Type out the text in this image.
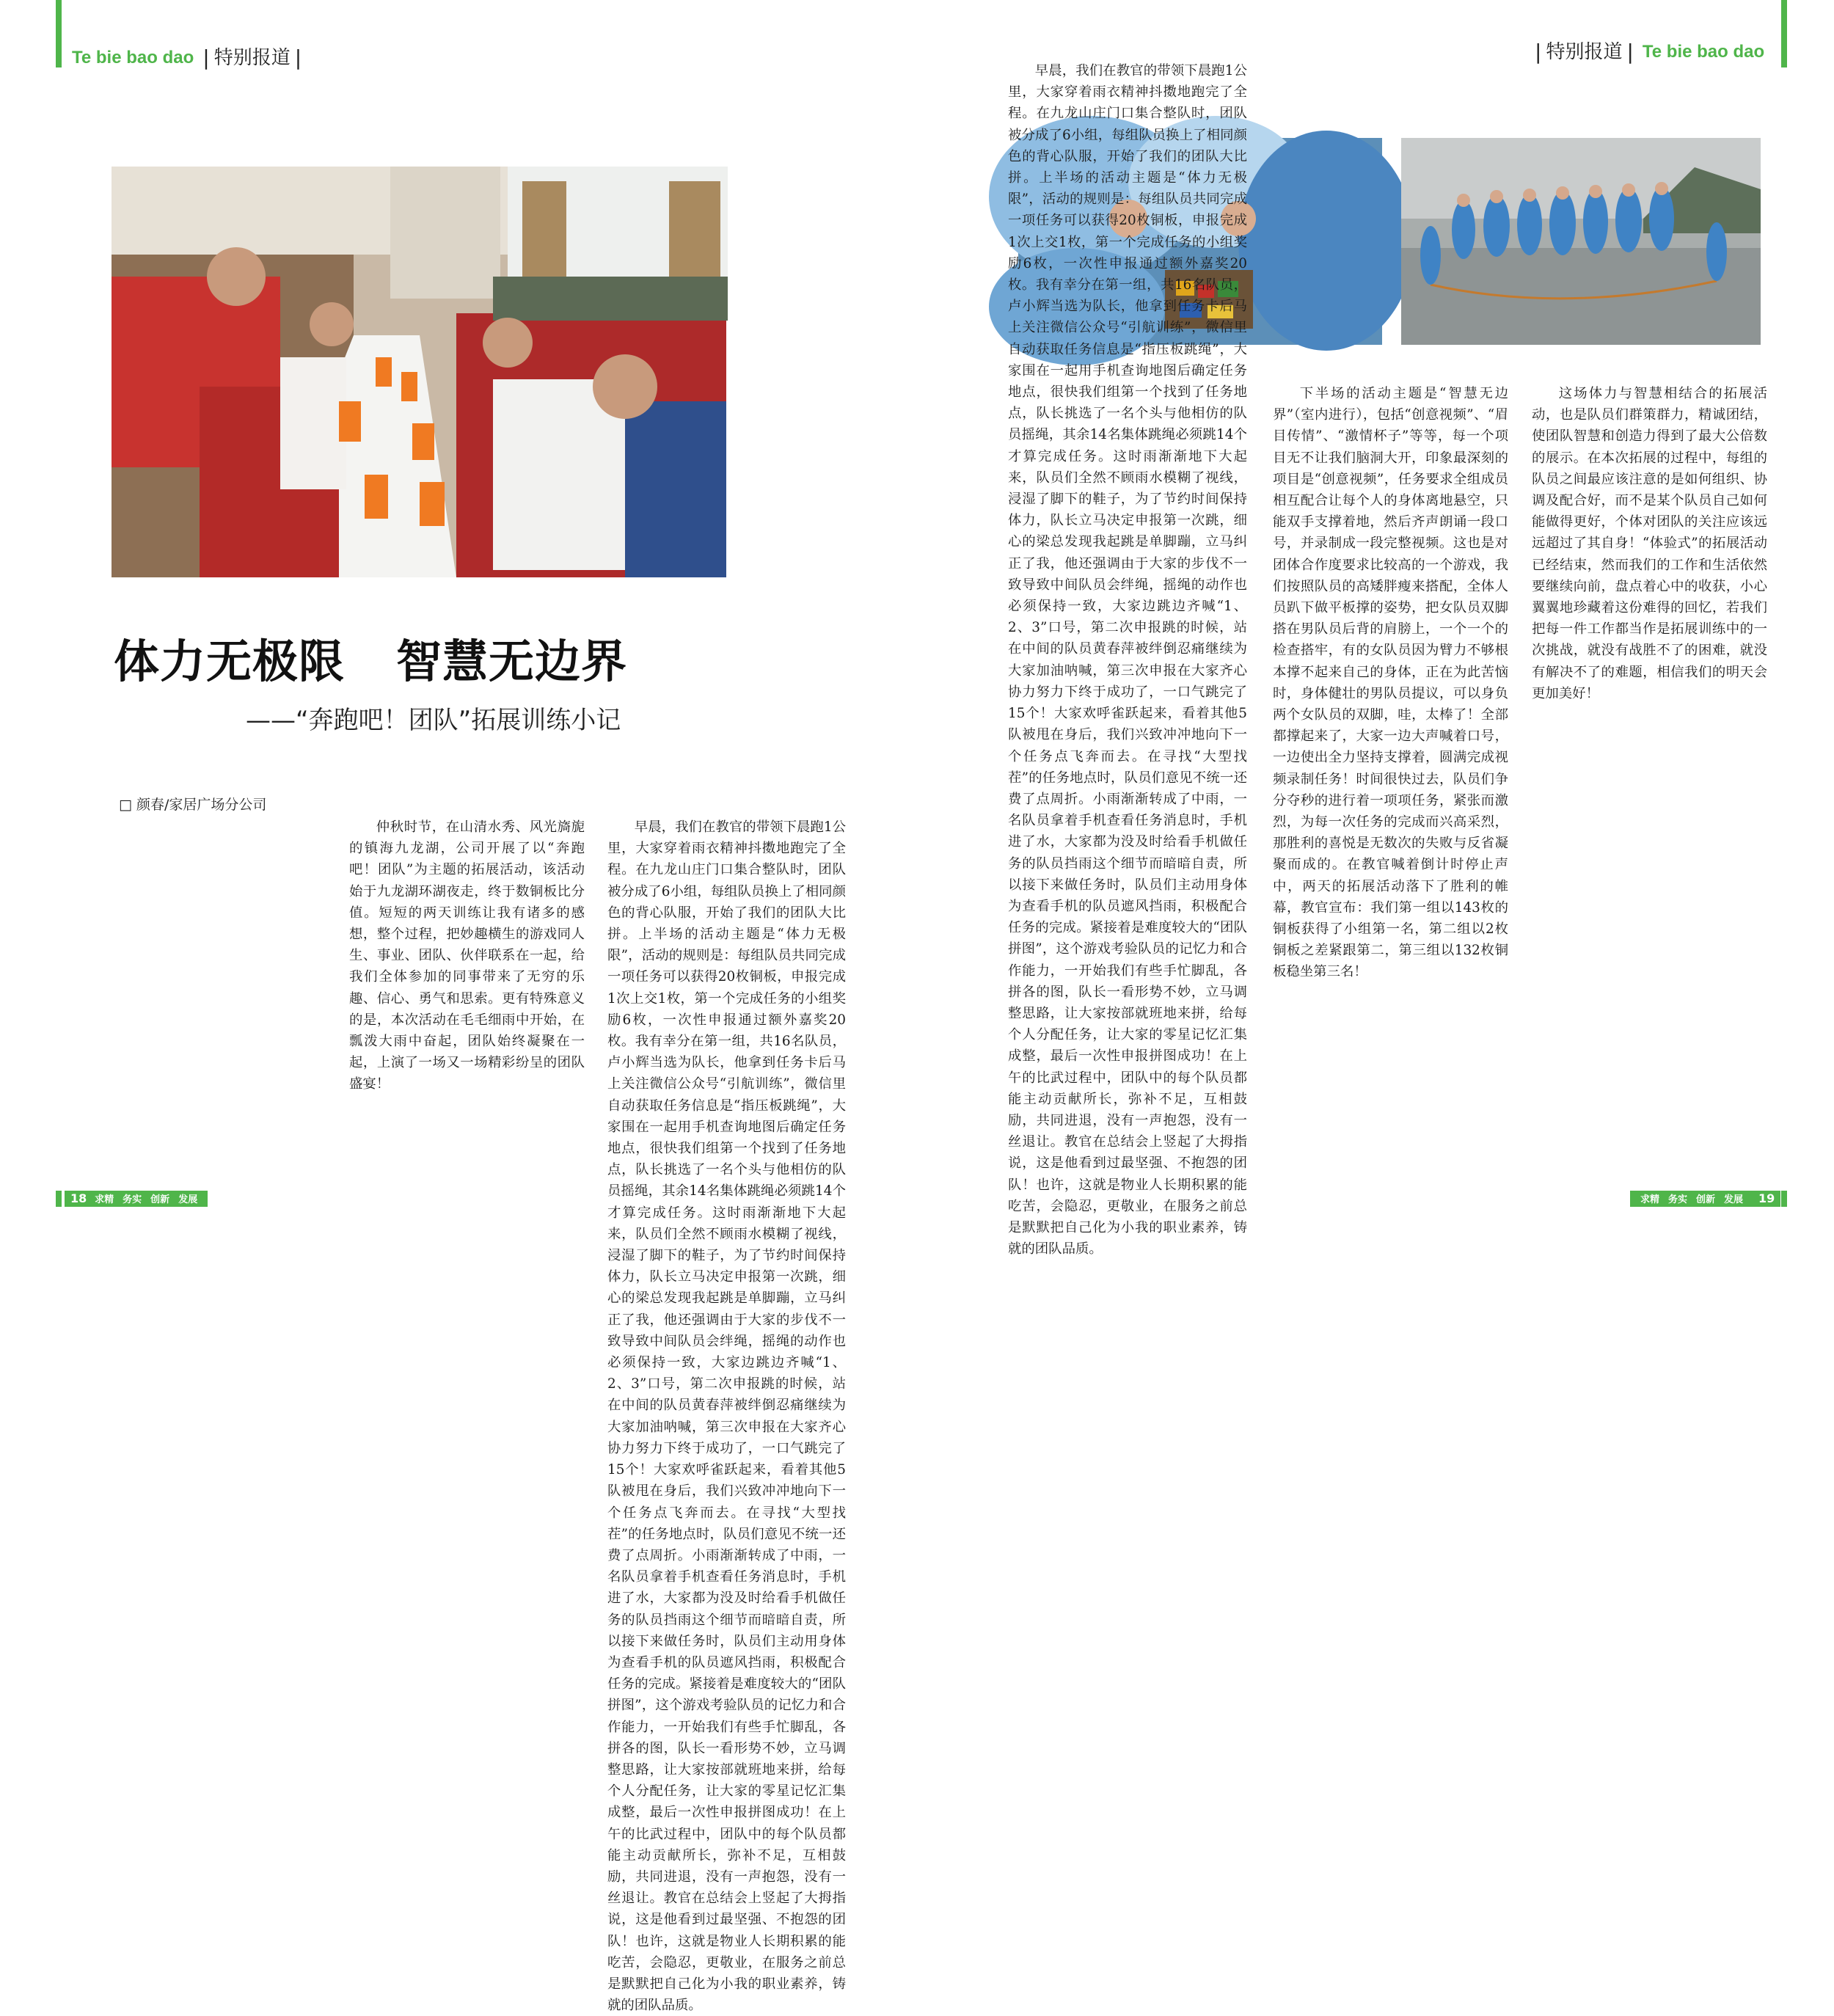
Te bie bao dao | 特别报道 |	| 特别报道 | Te bie bao dao
体力无极限 智慧无边界
——“奔跑吧！团队”拓展训练小记
□ 颜春/家居广场分公司

仲秋时节，在山清水秀、风光旖旎的镇海九龙湖，公司开展了以“奔跑吧！团队”为主题的拓展活动，该活动始于九龙湖环湖夜走，终于数铜板比分值。短短的两天训练让我有诸多的感想，整个过程，把妙趣横生的游戏同人生、事业、团队、伙伴联系在一起，给我们全体参加的同事带来了无穷的乐趣、信心、勇气和思索。更有特殊意义的是，本次活动在毛毛细雨中开始，在瓢泼大雨中奋起，团队始终凝聚在一起，上演了一场又一场精彩纷呈的团队盛宴！

早晨，我们在教官的带领下晨跑1公里，大家穿着雨衣精神抖擞地跑完了全程。在九龙山庄门口集合整队时，团队被分成了6小组，每组队员换上了相同颜色的背心队服，开始了我们的团队大比拼。上半场的活动主题是“体力无极限”，活动的规则是：每组队员共同完成一项任务可以获得20枚铜板，申报完成1次上交1枚，第一个完成任务的小组奖励6枚，一次性申报通过额外嘉奖20枚。我有幸分在第一组，共16名队员，卢小辉当选为队长，他拿到任务卡后马上关注微信公众号“引航训练”，微信里自动获取任务信息是“指压板跳绳”，大家围在一起用手机查询地图后确定任务地点，很快我们组第一个找到了任务地点，队长挑选了一名个头与他相仿的队员摇绳，其余14名集体跳绳必须跳14个才算完成任务。这时雨渐渐地下大起来，队员们全然不顾雨水模糊了视线，浸湿了脚下的鞋子，为了节约时间保持体力，队长立马决定申报第一次跳，细心的梁总发现我起跳是单脚蹦，立马纠正了我，他还强调由于大家的步伐不一致导致中间队员会绊绳，摇绳的动作也必须保持一致，大家边跳边齐喊“1、2、3”口号，第二次申报跳的时候，站在中间的队员黄春萍被绊倒忍痛继续为大家加油呐喊，第三次申报在大家齐心协力努力下终于成功了，一口气跳完了15个！大家欢呼雀跃起来，看着其他5队被甩在身后，我们兴致冲冲地向下一个任务点飞奔而去。在寻找“大型找茬”的任务地点时，队员们意见不统一还费了点周折。小雨渐渐转成了中雨，一名队员拿着手机查看任务消息时，手机进了水，大家都为没及时给看手机做任务的队员挡雨这个细节而暗暗自责，所以接下来做任务时，队员们主动用身体为查看手机的队员遮风挡雨，积极配合任务的完成。紧接着是难度较大的“团队拼图”，这个游戏考验队员的记忆力和合作能力，一开始我们有些手忙脚乱，各拼各的图，队长一看形势不妙，立马调整思路，让大家按部就班地来拼，给每个人分配任务，让大家的零星记忆汇集成整，最后一次性申报拼图成功！在上午的比武过程中，团队中的每个队员都能主动贡献所长，弥补不足，互相鼓励，共同进退，没有一声抱怨，没有一丝退让。教官在总结会上竖起了大拇指说，这是他看到过最坚强、不抱怨的团队！也许，这就是物业人长期积累的能吃苦，会隐忍，更敬业，在服务之前总是默默把自己化为小我的职业素养，铸就的团队品质。

早晨，我们在教官的带领下晨跑1公里，大家穿着雨衣精神抖擞地跑完了全程。在九龙山庄门口集合整队时，团队被分成了6小组，每组队员换上了相同颜色的背心队服，开始了我们的团队大比拼。上半场的活动主题是“体力无极限”，活动的规则是：每组队员共同完成一项任务可以获得20枚铜板，申报完成1次上交1枚，第一个完成任务的小组奖励6枚，一次性申报通过额外嘉奖20枚。我有幸分在第一组，共16名队员，卢小辉当选为队长，他拿到任务卡后马上关注微信公众号“引航训练”，微信里自动获取任务信息是“指压板跳绳”，大家围在一起用手机查询地图后确定任务地点，很快我们组第一个找到了任务地点，队长挑选了一名个头与他相仿的队员摇绳，其余14名集体跳绳必须跳14个才算完成任务。这时雨渐渐地下大起来，队员们全然不顾雨水模糊了视线，浸湿了脚下的鞋子，为了节约时间保持体力，队长立马决定申报第一次跳，细心的梁总发现我起跳是单脚蹦，立马纠正了我，他还强调由于大家的步伐不一致导致中间队员会绊绳，摇绳的动作也必须保持一致，大家边跳边齐喊“1、2、3”口号，第二次申报跳的时候，站在中间的队员黄春萍被绊倒忍痛继续为大家加油呐喊，第三次申报在大家齐心协力努力下终于成功了，一口气跳完了15个！大家欢呼雀跃起来，看着其他5队被甩在身后，我们兴致冲冲地向下一个任务点飞奔而去。在寻找“大型找茬”的任务地点时，队员们意见不统一还费了点周折。小雨渐渐转成了中雨，一名队员拿着手机查看任务消息时，手机进了水，大家都为没及时给看手机做任务的队员挡雨这个细节而暗暗自责，所以接下来做任务时，队员们主动用身体为查看手机的队员遮风挡雨，积极配合任务的完成。紧接着是难度较大的“团队拼图”，这个游戏考验队员的记忆力和合作能力，一开始我们有些手忙脚乱，各拼各的图，队长一看形势不妙，立马调整思路，让大家按部就班地来拼，给每个人分配任务，让大家的零星记忆汇集成整，最后一次性申报拼图成功！在上午的比武过程中，团队中的每个队员都能主动贡献所长，弥补不足，互相鼓励，共同进退，没有一声抱怨，没有一丝退让。教官在总结会上竖起了大拇指说，这是他看到过最坚强、不抱怨的团队！也许，这就是物业人长期积累的能吃苦，会隐忍，更敬业，在服务之前总是默默把自己化为小我的职业素养，铸就的团队品质。

下半场的活动主题是“智慧无边界”（室内进行），包括“创意视频”、“眉目传情”、“激情杯子”等等，每一个项目无不让我们脑洞大开，印象最深刻的项目是“创意视频”，任务要求全组成员相互配合让每个人的身体离地悬空，只能双手支撑着地，然后齐声朗诵一段口号，并录制成一段完整视频。这也是对团体合作度要求比较高的一个游戏，我们按照队员的高矮胖瘦来搭配，全体人员趴下做平板撑的姿势，把女队员双脚搭在男队员后背的肩膀上，一个一个的检查搭牢，有的女队员因为臂力不够根本撑不起来自己的身体，正在为此苦恼时，身体健壮的男队员提议，可以身负两个女队员的双脚，哇，太棒了！全部都撑起来了，大家一边大声喊着口号，一边使出全力坚持支撑着，圆满完成视频录制任务！时间很快过去，队员们争分夺秒的进行着一项项任务，紧张而激烈，为每一次任务的完成而兴高采烈，那胜利的喜悦是无数次的失败与反省凝聚而成的。在教官喊着倒计时停止声中，两天的拓展活动落下了胜利的帷幕，教官宣布：我们第一组以143枚的铜板获得了小组第一名，第二组以2枚铜板之差紧跟第二，第三组以132枚铜板稳坐第三名！

这场体力与智慧相结合的拓展活动，也是队员们群策群力，精诚团结，使团队智慧和创造力得到了最大公倍数的展示。在本次拓展的过程中，每组的队员之间最应该注意的是如何组织、协调及配合好，而不是某个队员自己如何能做得更好，个体对团队的关注应该远远超过了其自身！“体验式”的拓展活动已经结束，然而我们的工作和生活依然要继续向前，盘点着心中的收获，小心翼翼地珍藏着这份难得的回忆，若我们把每一件工作都当作是拓展训练中的一次挑战，就没有战胜不了的困难，就没有解决不了的难题，相信我们的明天会更加美好！

18 求精 务实 创新 发展	求精 务实 创新 发展 19
